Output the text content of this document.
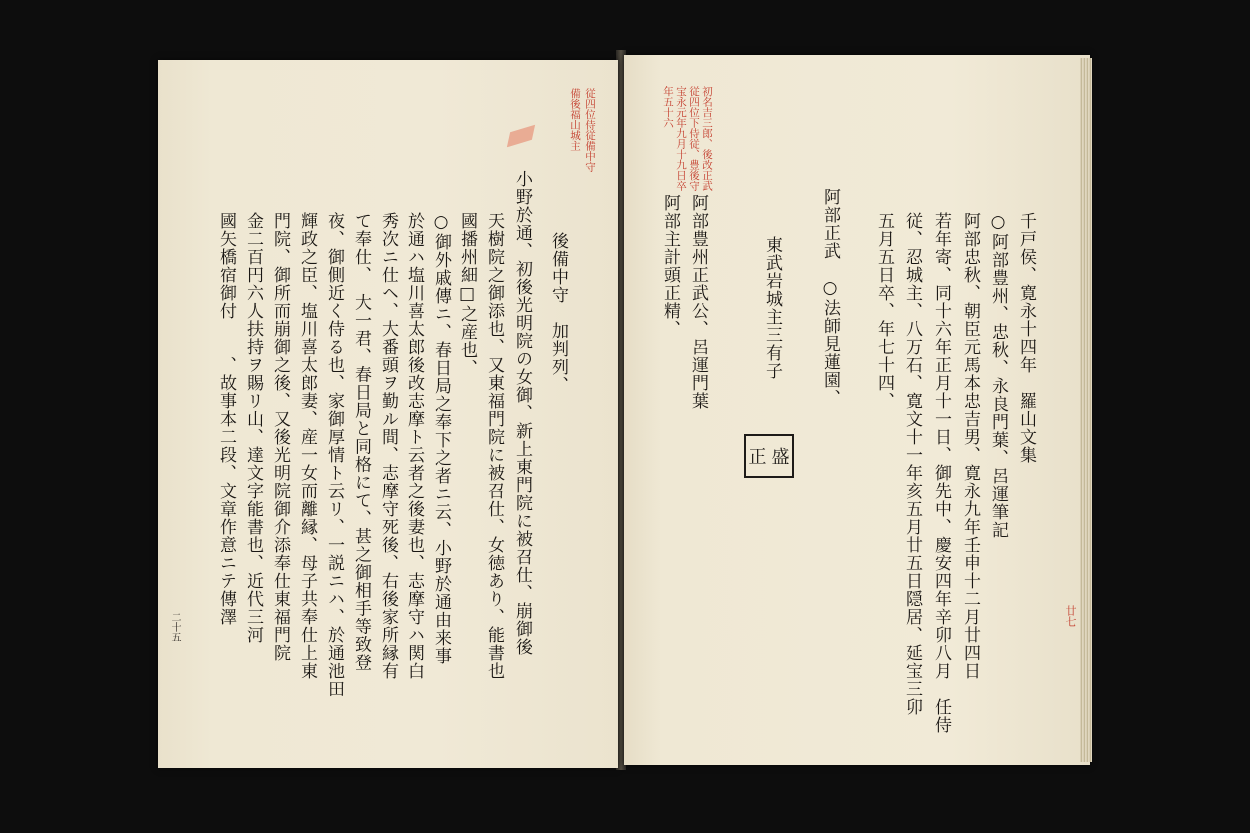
従四位侍従備中守
備後福山城主
後備中守　加判列、
小野於通、初後光明院の女御、新上東門院に被召仕、崩御後
天樹院之御添也、又東福門院に被召仕、女徳あり、能書也
國播州細□之産也、
○御外戚傳ニ、春日局之奉下之者ニ云、小野於通由来事
於通ハ塩川喜太郎後改志摩ト云者之後妻也、志摩守ハ関白
秀次ニ仕ヘ、大番頭ヲ勤ル間、志摩守死後、右後家所縁有
て奉仕、　大一君、春日局と同格にて、甚之御相手等致登
夜、御側近く侍る也、家御厚情ト云リ、一説ニハ、於通池田
輝政之臣、塩川喜太郎妻、産一女而離縁、母子共奉仕上東
門院、御所而崩御之後、又後光明院御介添奉仕東福門院
金二百円六人扶持ヲ賜リ山、達文字能書也、近代三河
國矢橋宿御付　　、故事本二段、文章作意ニテ傳澤
二十五
初名吉三郎、後改正武
従四位下侍従、豊後守
宝永元年九月十九日卒
年五十六
千戸侯、寛永十四年　羅山文集
○阿部豊州、忠秋、永良門葉、呂運筆記
阿部忠秋、朝臣元馬本忠吉男、寛永九年壬申十二月廿四日
若年寄、同十六年正月十一日、御先中、慶安四年辛卯八月　任侍
従、忍城主、八万石、寛文十一年亥五月廿五日隠居、延宝三卯
五月五日卒、年七十四、
阿部正武　○法師見蓮園、
東武岩城主三有子
阿部豊州正武公、呂運門葉
阿部主計頭正精、
正 盛
廿七
